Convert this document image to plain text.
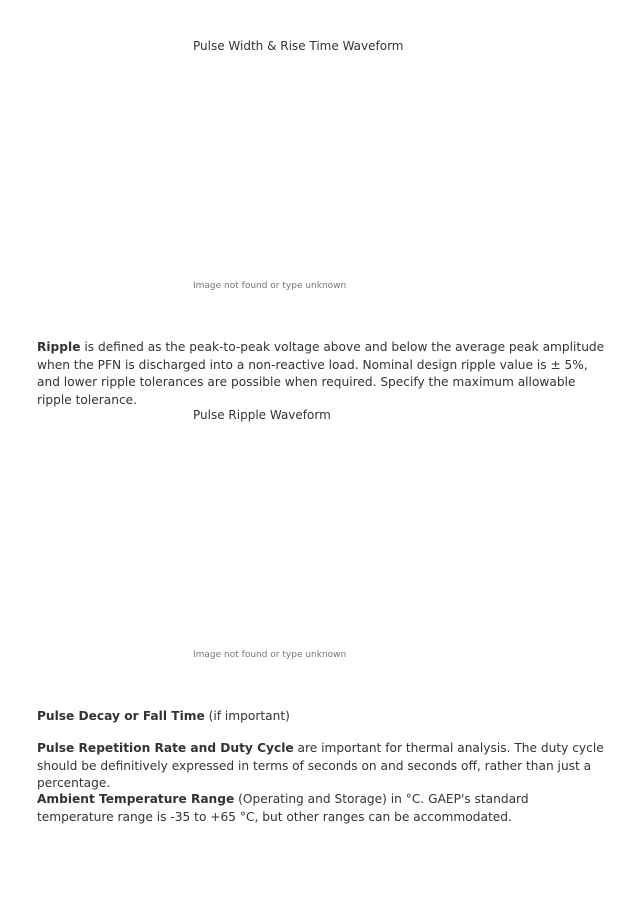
Pulse Width & Rise Time Waveform
Image not found or type unknown

Ripple is defined as the peak-to-peak voltage above and below the average peak amplitude when the PFN is discharged into a non-reactive load. Nominal design ripple value is ± 5%, and lower ripple tolerances are possible when required. Specify the maximum allowable ripple tolerance.

Pulse Ripple Waveform
Image not found or type unknown

Pulse Decay or Fall Time (if important)

Pulse Repetition Rate and Duty Cycle are important for thermal analysis. The duty cycle should be definitively expressed in terms of seconds on and seconds off, rather than just a percentage.

Ambient Temperature Range (Operating and Storage) in °C. GAEP's standard temperature range is -35 to +65 °C, but other ranges can be accommodated.
